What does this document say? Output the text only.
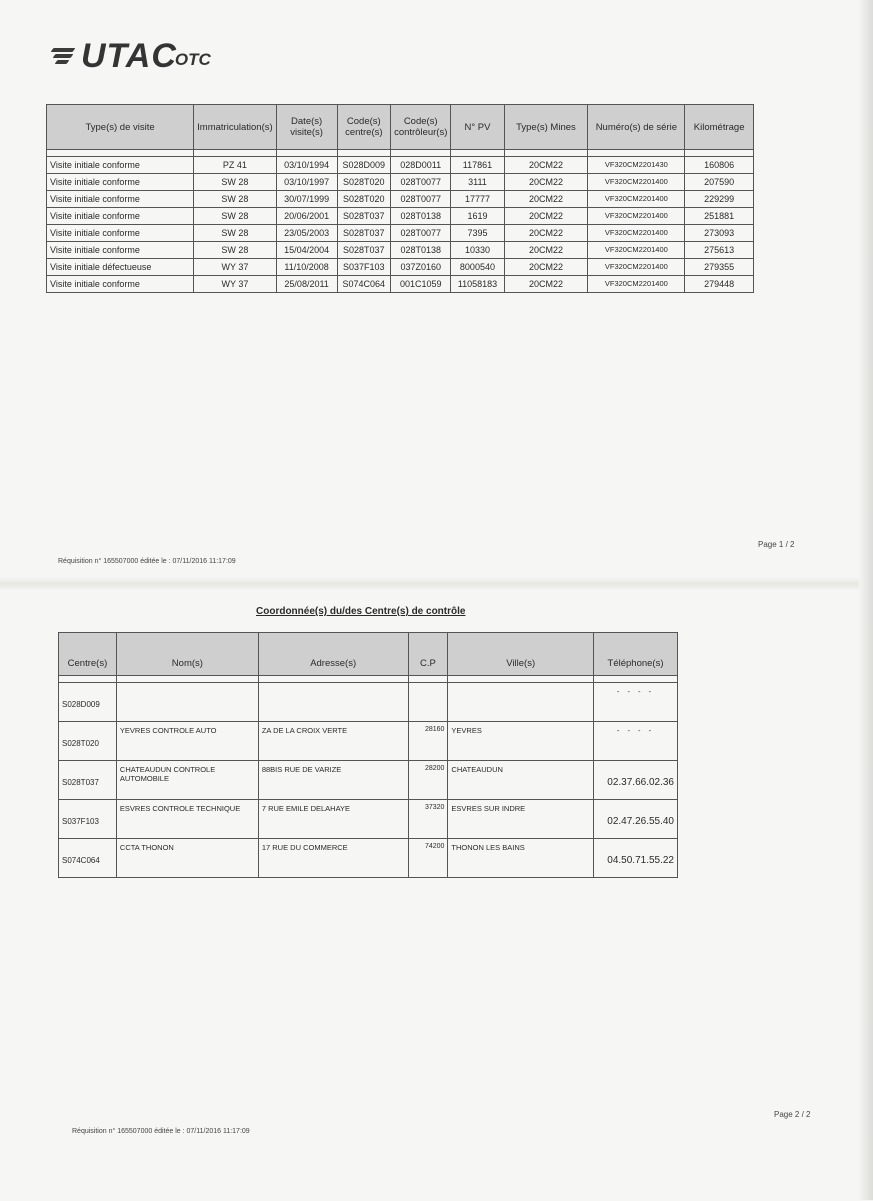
UTAC
OTC
Type(s) de visite	Immatriculation(s)	Date(s) visite(s)	Code(s) centre(s)	Code(s) contrôleur(s)	N° PV	Type(s) Mines	Numéro(s) de série	Kilométrage

Visite initiale conforme	PZ 41	03/10/1994	S028D009	028D0011	117861	20CM22	VF320CM2201430	160806
Visite initiale conforme	SW 28	03/10/1997	S028T020	028T0077	3111	20CM22	VF320CM2201400	207590
Visite initiale conforme	SW 28	30/07/1999	S028T020	028T0077	17777	20CM22	VF320CM2201400	229299
Visite initiale conforme	SW 28	20/06/2001	S028T037	028T0138	1619	20CM22	VF320CM2201400	251881
Visite initiale conforme	SW 28	23/05/2003	S028T037	028T0077	7395	20CM22	VF320CM2201400	273093
Visite initiale conforme	SW 28	15/04/2004	S028T037	028T0138	10330	20CM22	VF320CM2201400	275613
Visite initiale défectueuse	WY 37	11/10/2008	S037F103	037Z0160	8000540	20CM22	VF320CM2201400	279355
Visite initiale conforme	WY 37	25/08/2011	S074C064	001C1059	11058183	20CM22	VF320CM2201400	279448
Réquisition n° 165507000 éditée le : 07/11/2016 11:17:09
Page 1 / 2
Coordonnée(s) du/des Centre(s) de contrôle
Centre(s)	Nom(s)	Adresse(s)	C.P	Ville(s)	Téléphone(s)

S028D009					- - - -
S028T020	YEVRES CONTROLE AUTO	ZA DE LA CROIX VERTE	28160	YEVRES	- - - -
S028T037	CHATEAUDUN CONTROLE AUTOMOBILE	88BIS RUE DE VARIZE	28200	CHATEAUDUN	02.37.66.02.36
S037F103	ESVRES CONTROLE TECHNIQUE	7 RUE EMILE DELAHAYE	37320	ESVRES SUR INDRE	02.47.26.55.40
S074C064	CCTA THONON	17 RUE DU COMMERCE	74200	THONON LES BAINS	04.50.71.55.22
Réquisition n° 165507000 éditée le : 07/11/2016 11:17:09
Page 2 / 2
